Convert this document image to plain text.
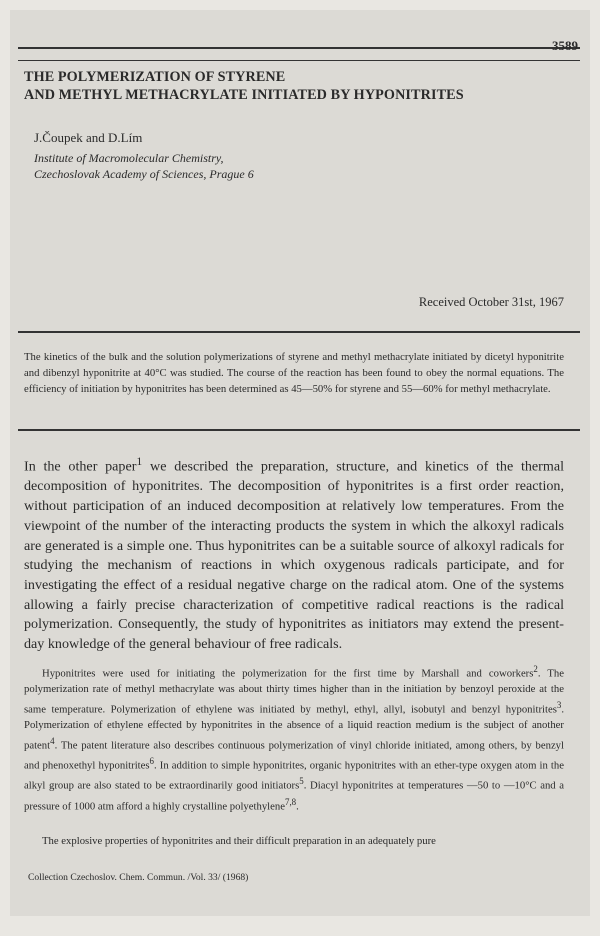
3589
THE POLYMERIZATION OF STYRENE
AND METHYL METHACRYLATE INITIATED BY HYPONITRITES
J.Čoupek and D.Lím
Institute of Macromolecular Chemistry,
Czechoslovak Academy of Sciences, Prague 6
Received October 31st, 1967

The kinetics of the bulk and the solution polymerizations of styrene and methyl methacrylate initiated by dicetyl hyponitrite and dibenzyl hyponitrite at 40°C was studied. The course of the reaction has been found to obey the normal equations. The efficiency of initiation by hyponitrites has been determined as 45—50% for styrene and 55—60% for methyl methacrylate.

In the other paper$^1$ we described the preparation, structure, and kinetics of the thermal decomposition of hyponitrites. The decomposition of hyponitrites is a first order reaction, without participation of an induced decomposition at relatively low temperatures. From the viewpoint of the number of the interacting products the system in which the alkoxyl radicals are generated is a simple one. Thus hyponitrites can be a suitable source of alkoxyl radicals for studying the mechanism of reactions in which oxygenous radicals participate, and for investigating the effect of a residual negative charge on the radical atom. One of the systems allowing a fairly precise characterization of competitive radical reactions is the radical polymerization. Consequently, the study of hyponitrites as initiators may extend the present-day knowledge of the general behaviour of free radicals.

Hyponitrites were used for initiating the polymerization for the first time by Marshall and coworkers$^2$. The polymerization rate of methyl methacrylate was about thirty times higher than in the initiation by benzoyl peroxide at the same temperature. Polymerization of ethylene was initiated by methyl, ethyl, allyl, isobutyl and benzyl hyponitrites$^3$. Polymerization of ethylene effected by hyponitrites in the absence of a liquid reaction medium is the subject of another patent$^4$. The patent literature also describes continuous polymerization of vinyl chloride initiated, among others, by benzyl and phenoxethyl hyponitrites$^6$. In addition to simple hyponitrites, organic hyponitrites with an ether-type oxygen atom in the alkyl group are also stated to be extraordinarily good initiators$^5$. Diacyl hyponitrites at temperatures —50 to —10°C and a pressure of 1000 atm afford a highly crystalline polyethylene$^{7,8}$.

The explosive properties of hyponitrites and their difficult preparation in an adequately pure

Collection Czechoslov. Chem. Commun. /Vol. 33/ (1968)
